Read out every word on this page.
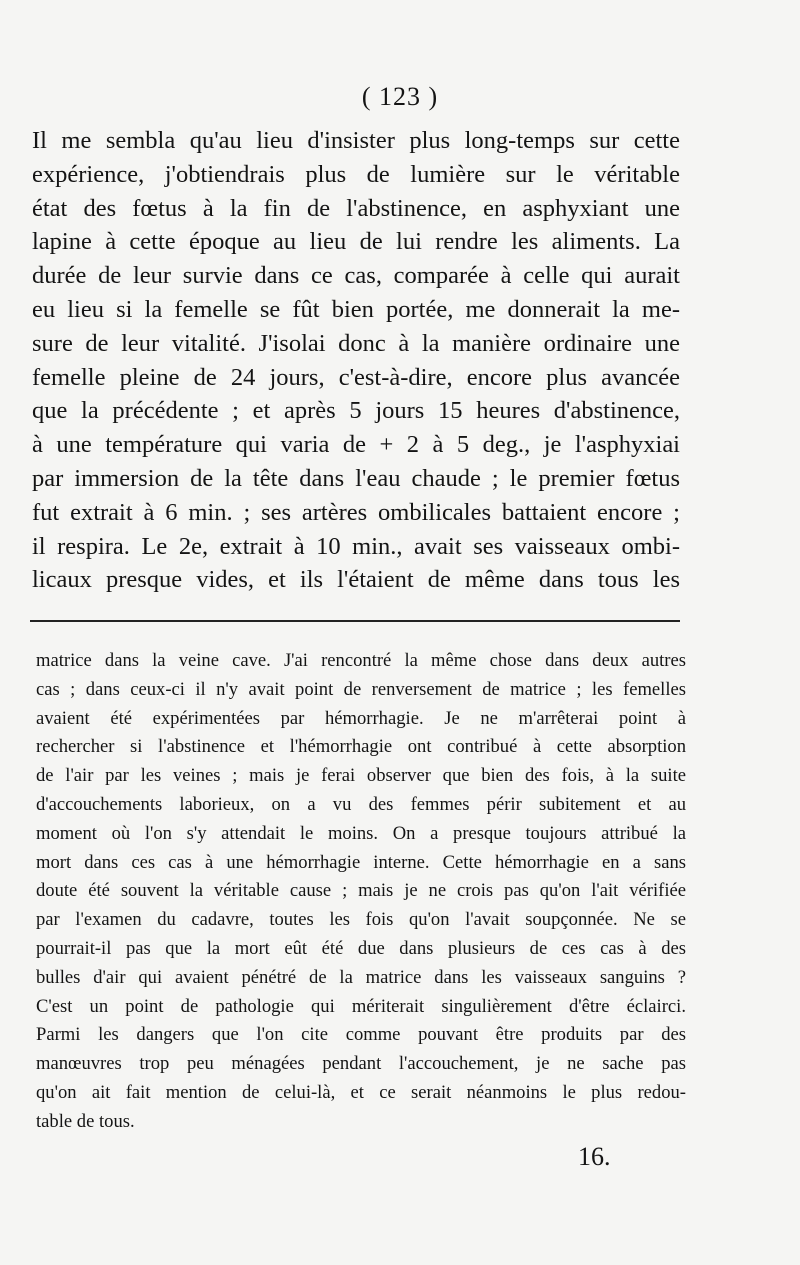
( 123 )
Il me sembla qu'au lieu d'insister plus long-temps sur cette
expérience, j'obtiendrais plus de lumière sur le véritable
état des fœtus à la fin de l'abstinence, en asphyxiant une
lapine à cette époque au lieu de lui rendre les aliments. La
durée de leur survie dans ce cas, comparée à celle qui aurait
eu lieu si la femelle se fût bien portée, me donnerait la me-
sure de leur vitalité. J'isolai donc à la manière ordinaire une
femelle pleine de 24 jours, c'est-à-dire, encore plus avancée
que la précédente ; et après 5 jours 15 heures d'abstinence,
à une température qui varia de + 2 à 5 deg., je l'asphyxiai
par immersion de la tête dans l'eau chaude ; le premier fœtus
fut extrait à 6 min. ; ses artères ombilicales battaient encore ;
il respira. Le 2e, extrait à 10 min., avait ses vaisseaux ombi-
licaux presque vides, et ils l'étaient de même dans tous les
matrice dans la veine cave. J'ai rencontré la même chose dans deux autres
cas ; dans ceux-ci il n'y avait point de renversement de matrice ; les femelles
avaient été expérimentées par hémorrhagie. Je ne m'arrêterai point à
rechercher si l'abstinence et l'hémorrhagie ont contribué à cette absorption
de l'air par les veines ; mais je ferai observer que bien des fois, à la suite
d'accouchements laborieux, on a vu des femmes périr subitement et au
moment où l'on s'y attendait le moins. On a presque toujours attribué la
mort dans ces cas à une hémorrhagie interne. Cette hémorrhagie en a sans
doute été souvent la véritable cause ; mais je ne crois pas qu'on l'ait vérifiée
par l'examen du cadavre, toutes les fois qu'on l'avait soupçonnée. Ne se
pourrait-il pas que la mort eût été due dans plusieurs de ces cas à des
bulles d'air qui avaient pénétré de la matrice dans les vaisseaux sanguins ?
C'est un point de pathologie qui mériterait singulièrement d'être éclairci.
Parmi les dangers que l'on cite comme pouvant être produits par des
manœuvres trop peu ménagées pendant l'accouchement, je ne sache pas
qu'on ait fait mention de celui-là, et ce serait néanmoins le plus redou-
table de tous.
16.
